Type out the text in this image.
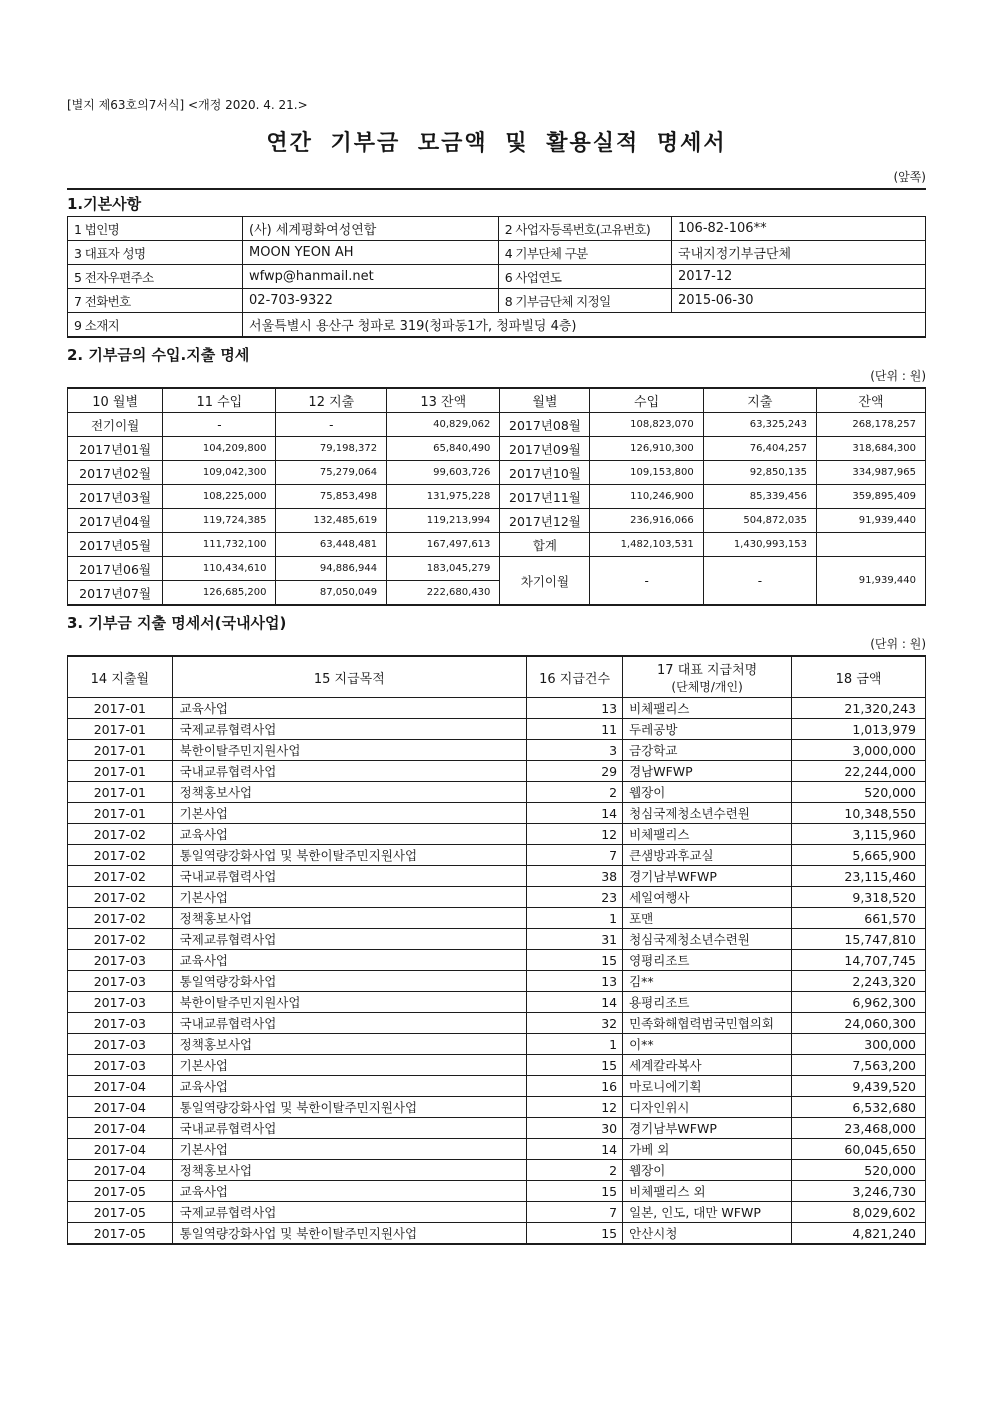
[별지 제63호의7서식] <개정 2020. 4. 21.>
연간 기부금 모금액 및 활용실적 명세서
(앞쪽)
1.기본사항
1 법인명	(사) 세계평화여성연합	2 사업자등록번호(고유번호)	106-82-106**
3 대표자 성명	MOON YEON AH	4 기부단체 구분	국내지정기부금단체
5 전자우편주소	wfwp@hanmail.net	6 사업연도	2017-12
7 전화번호	02-703-9322	8 기부금단체 지정일	2015-06-30
9 소재지	서울특별시 용산구 청파로 319(청파동1가, 청파빌딩 4층)		
2. 기부금의 수입.지출 명세
(단위 : 원)
10 월별	11 수입	12 지출	13 잔액	월별	수입	지출	잔액
전기이월	-	-	40,829,062	2017년08월	108,823,070	63,325,243	268,178,257
2017년01월	104,209,800	79,198,372	65,840,490	2017년09월	126,910,300	76,404,257	318,684,300
2017년02월	109,042,300	75,279,064	99,603,726	2017년10월	109,153,800	92,850,135	334,987,965
2017년03월	108,225,000	75,853,498	131,975,228	2017년11월	110,246,900	85,339,456	359,895,409
2017년04월	119,724,385	132,485,619	119,213,994	2017년12월	236,916,066	504,872,035	91,939,440
2017년05월	111,732,100	63,448,481	167,497,613	합계	1,482,103,531	1,430,993,153	
2017년06월	110,434,610	94,886,944	183,045,279	차기이월	-	-	91,939,440
2017년07월	126,685,200	87,050,049	222,680,430				
3. 기부금 지출 명세서(국내사업)
(단위 : 원)
14 지출월	15 지급목적	16 지급건수	17 대표 지급처명
(단체명/개인)	18 금액
2017-01	교육사업	13	비체팰리스	21,320,243
2017-01	국제교류협력사업	11	두레공방	1,013,979
2017-01	북한이탈주민지원사업	3	금강학교	3,000,000
2017-01	국내교류협력사업	29	경남WFWP	22,244,000
2017-01	정책홍보사업	2	웹장이	520,000
2017-01	기본사업	14	청심국제청소년수련원	10,348,550
2017-02	교육사업	12	비체팰리스	3,115,960
2017-02	통일역량강화사업 및 북한이탈주민지원사업	7	큰샘방과후교실	5,665,900
2017-02	국내교류협력사업	38	경기남부WFWP	23,115,460
2017-02	기본사업	23	세일여행사	9,318,520
2017-02	정책홍보사업	1	포맨	661,570
2017-02	국제교류협력사업	31	청심국제청소년수련원	15,747,810
2017-03	교육사업	15	영평리조트	14,707,745
2017-03	통일역량강화사업	13	김**	2,243,320
2017-03	북한이탈주민지원사업	14	용평리조트	6,962,300
2017-03	국내교류협력사업	32	민족화해협력범국민협의회	24,060,300
2017-03	정책홍보사업	1	이**	300,000
2017-03	기본사업	15	세계칼라복사	7,563,200
2017-04	교육사업	16	마로니에기획	9,439,520
2017-04	통일역량강화사업 및 북한이탈주민지원사업	12	디자인위시	6,532,680
2017-04	국내교류협력사업	30	경기남부WFWP	23,468,000
2017-04	기본사업	14	가베 외	60,045,650
2017-04	정책홍보사업	2	웹장이	520,000
2017-05	교육사업	15	비체팰리스 외	3,246,730
2017-05	국제교류협력사업	7	일본, 인도, 대만 WFWP	8,029,602
2017-05	통일역량강화사업 및 북한이탈주민지원사업	15	안산시청	4,821,240
